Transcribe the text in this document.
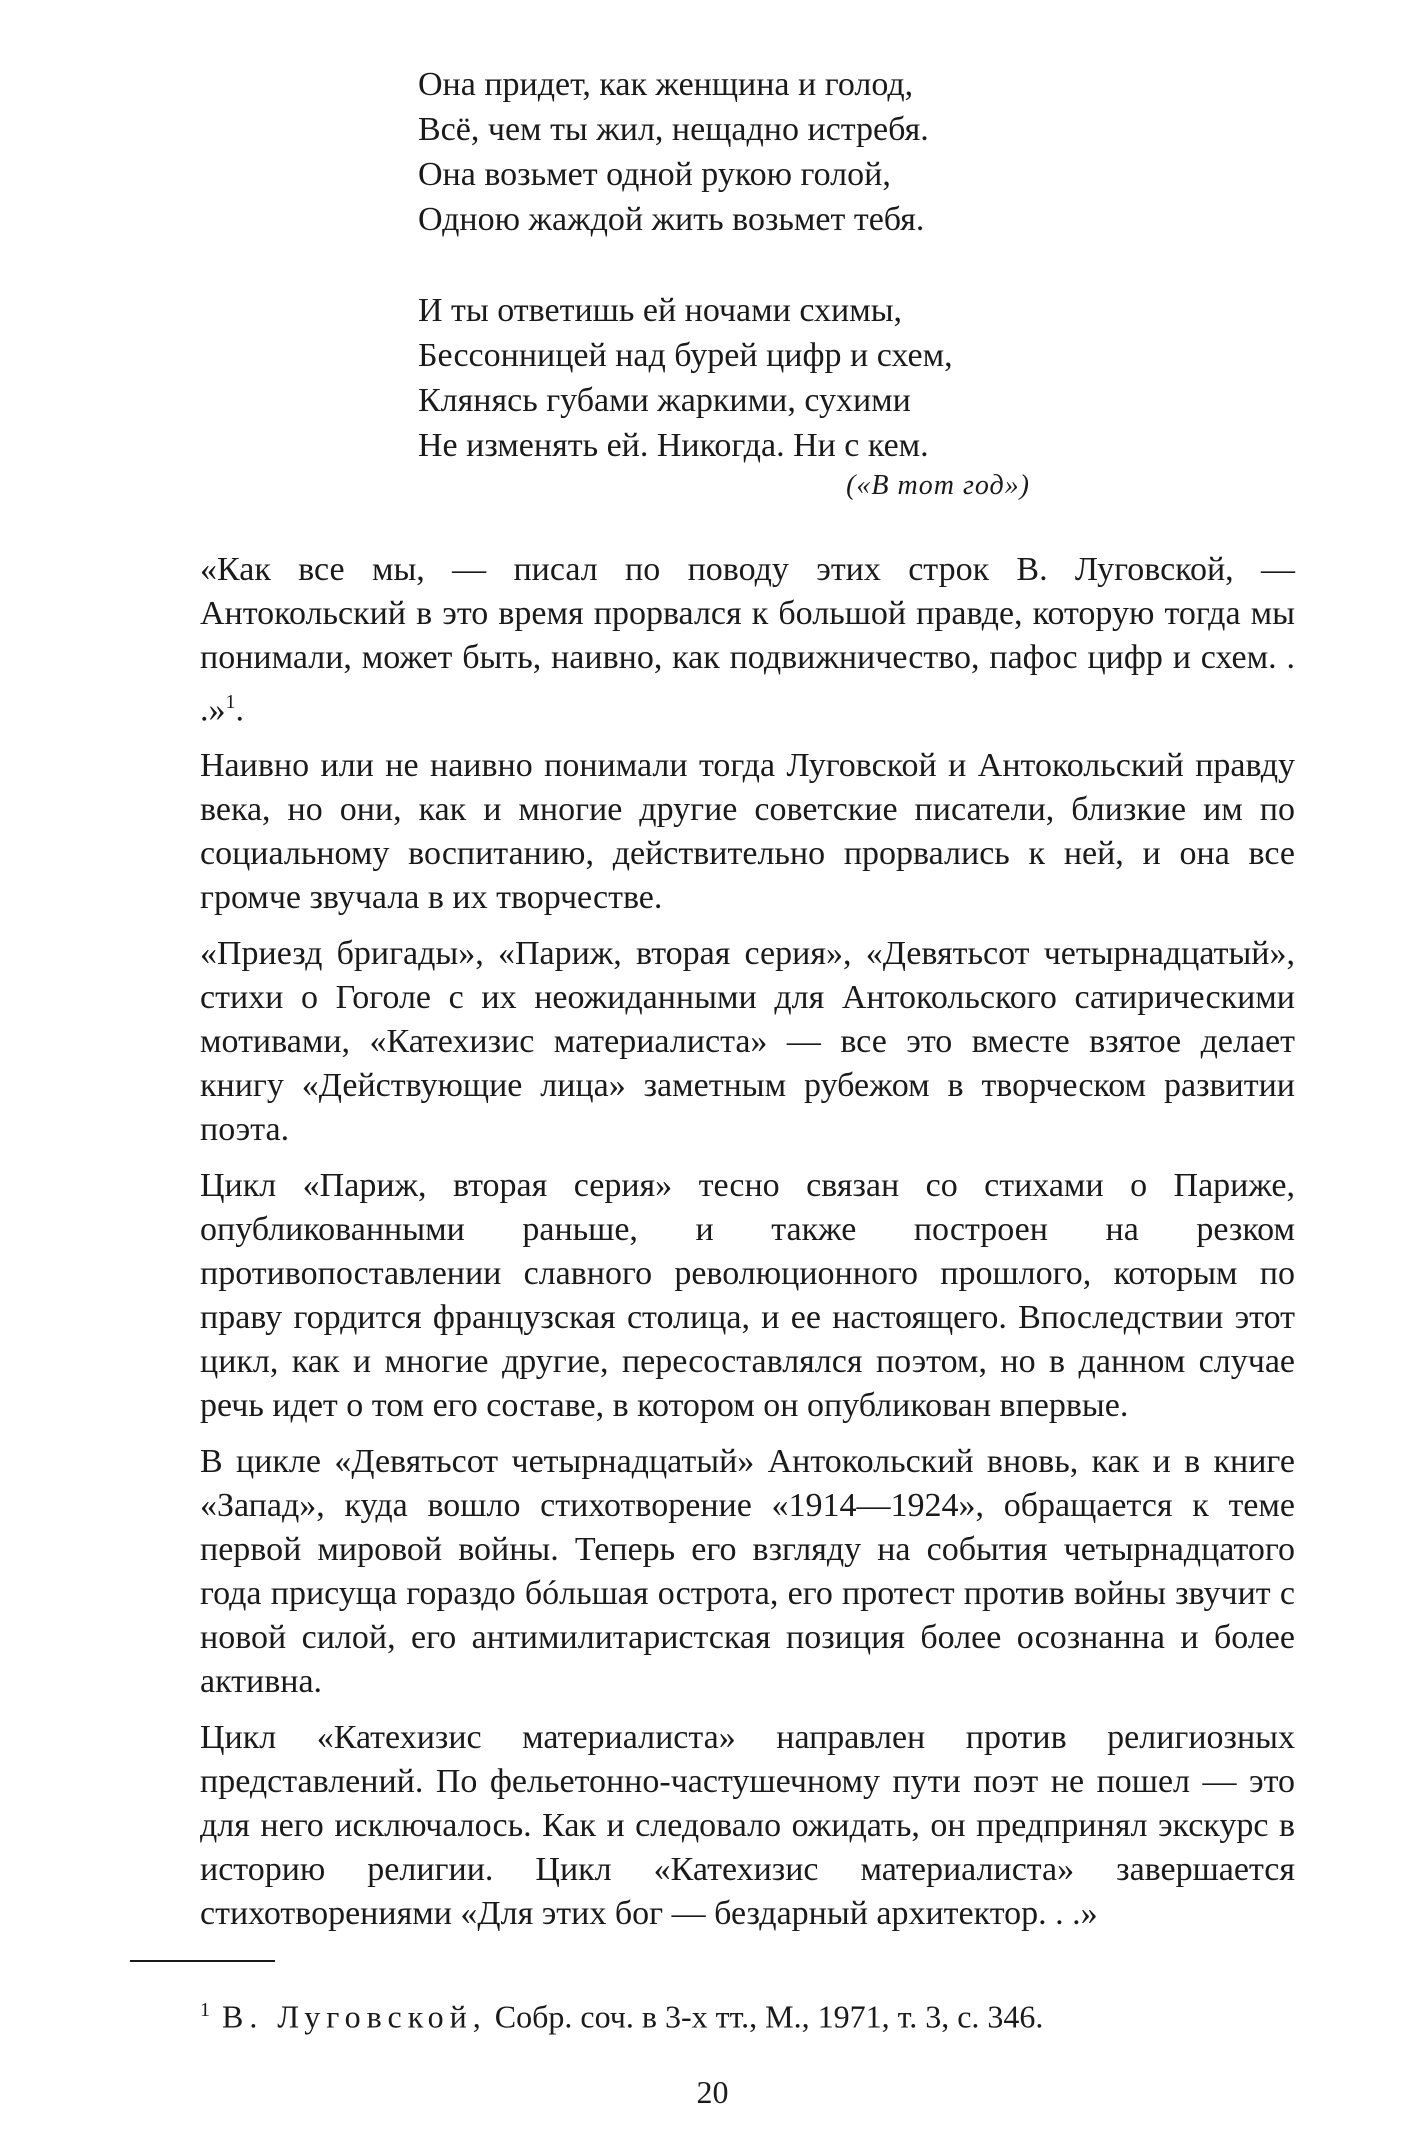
Она придет, как женщина и голод,
Всё, чем ты жил, нещадно истребя.
Она возьмет одной рукою голой,
Одною жаждой жить возьмет тебя.
И ты ответишь ей ночами схимы,
Бессонницей над бурей цифр и схем,
Клянясь губами жаркими, сухими
Не изменять ей. Никогда. Ни с кем.
(«В тот год»)

«Как все мы, — писал по поводу этих строк В. Луговской, — Антокольский в это время прорвался к большой правде, которую тогда мы понимали, может быть, наивно, как подвижничество, пафос цифр и схем. . .»$^1$.

Наивно или не наивно понимали тогда Луговской и Антокольский правду века, но они, как и многие другие советские писатели, близкие им по социальному воспитанию, действительно прорвались к ней, и она все громче звучала в их творчестве.

«Приезд бригады», «Париж, вторая серия», «Девятьсот четырнадцатый», стихи о Гоголе с их неожиданными для Антокольского сатирическими мотивами, «Катехизис материалиста» — все это вместе взятое делает книгу «Действующие лица» заметным рубежом в творческом развитии поэта.

Цикл «Париж, вторая серия» тесно связан со стихами о Париже, опубликованными раньше, и также построен на резком противопоставлении славного революционного прошлого, которым по праву гордится французская столица, и ее настоящего. Впоследствии этот цикл, как и многие другие, пересоставлялся поэтом, но в данном случае речь идет о том его составе, в котором он опубликован впервые.

В цикле «Девятьсот четырнадцатый» Антокольский вновь, как и в книге «Запад», куда вошло стихотворение «1914—1924», обращается к теме первой мировой войны. Теперь его взгляду на события четырнадцатого года присуща гораздо бóльшая острота, его протест против войны звучит с новой силой, его антимилитаристская позиция более осознанна и более активна.

Цикл «Катехизис материалиста» направлен против религиозных представлений. По фельетонно-частушечному пути поэт не пошел — это для него исключалось. Как и следовало ожидать, он предпринял экскурс в историю религии. Цикл «Катехизис материалиста» завершается стихотворениями «Для этих бог — бездарный архитектор. . .»

$^1$ В. Луговской, Собр. соч. в 3-х тт., М., 1971, т. 3, с. 346.
20
